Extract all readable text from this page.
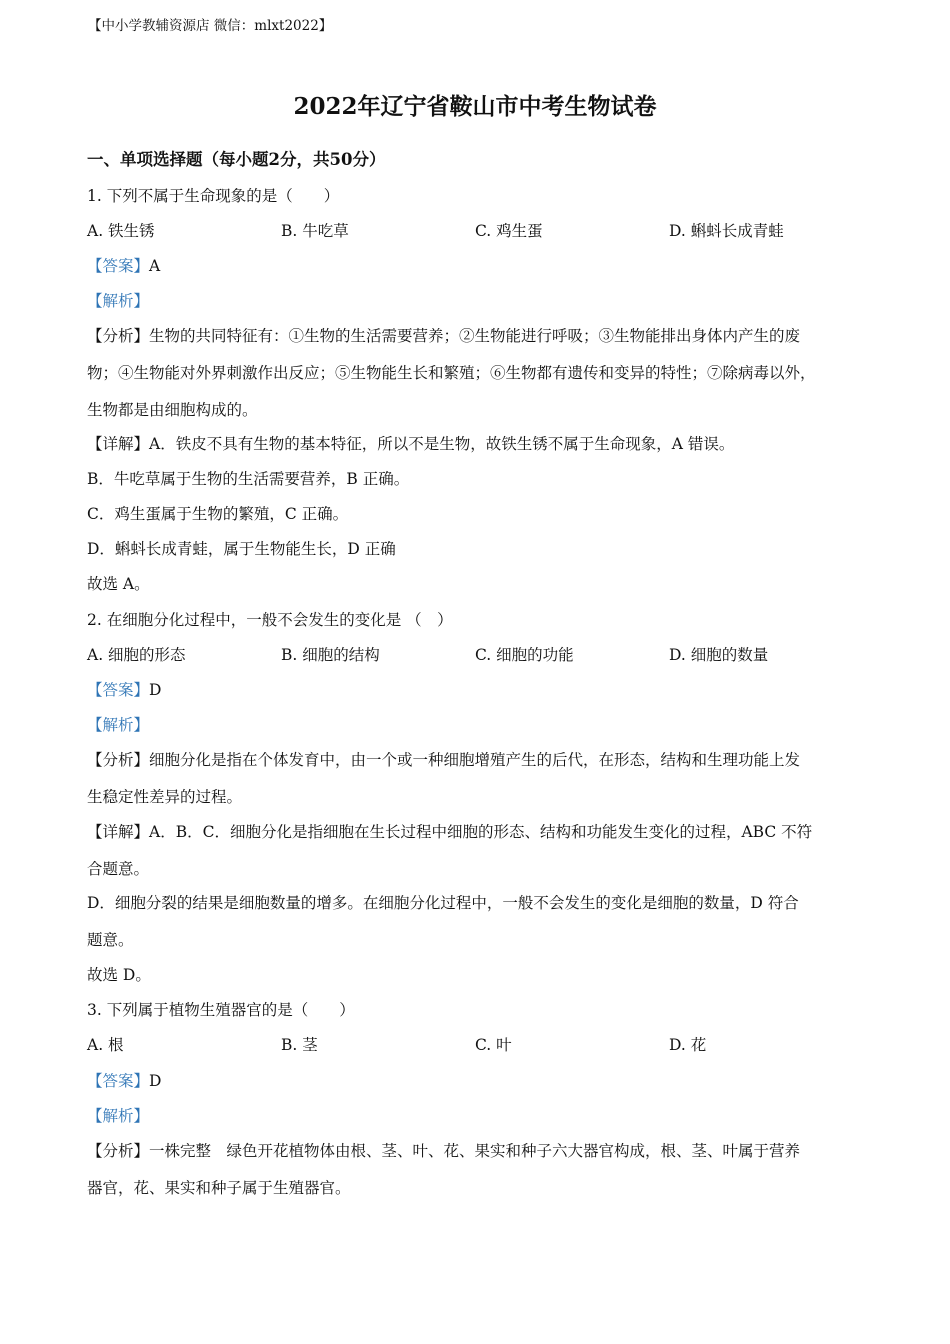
【中小学教辅资源店 微信：mlxt2022】
2022年辽宁省鞍山市中考生物试卷
一、单项选择题（每小题2分，共50分）
1. 下列不属于生命现象的是（　　）
A. 铁生锈	B. 牛吃草	C. 鸡生蛋	D. 蝌蚪长成青蛙
【答案】A
【解析】
【分析】生物的共同特征有：①生物的生活需要营养；②生物能进行呼吸；③生物能排出身体内产生的废
物；④生物能对外界刺激作出反应；⑤生物能生长和繁殖；⑥生物都有遗传和变异的特性；⑦除病毒以外，
生物都是由细胞构成的。
【详解】A．铁皮不具有生物的基本特征，所以不是生物，故铁生锈不属于生命现象，A 错误。
B．牛吃草属于生物的生活需要营养，B 正确。
C．鸡生蛋属于生物的繁殖，C 正确。
D．蝌蚪长成青蛙，属于生物能生长，D 正确
故选 A。
2. 在细胞分化过程中，一般不会发生的变化是 （　）
A. 细胞的形态	B. 细胞的结构	C. 细胞的功能	D. 细胞的数量
【答案】D
【解析】
【分析】细胞分化是指在个体发育中，由一个或一种细胞增殖产生的后代，在形态，结构和生理功能上发
生稳定性差异的过程。
【详解】A．B．C．细胞分化是指细胞在生长过程中细胞的形态、结构和功能发生变化的过程，ABC 不符
合题意。
D．细胞分裂的结果是细胞数量的增多。在细胞分化过程中，一般不会发生的变化是细胞的数量，D 符合
题意。
故选 D。
3. 下列属于植物生殖器官的是（　　）
A. 根	B. 茎	C. 叶	D. 花
【答案】D
【解析】
【分析】一株完整　绿色开花植物体由根、茎、叶、花、果实和种子六大器官构成，根、茎、叶属于营养
器官，花、果实和种子属于生殖器官。
